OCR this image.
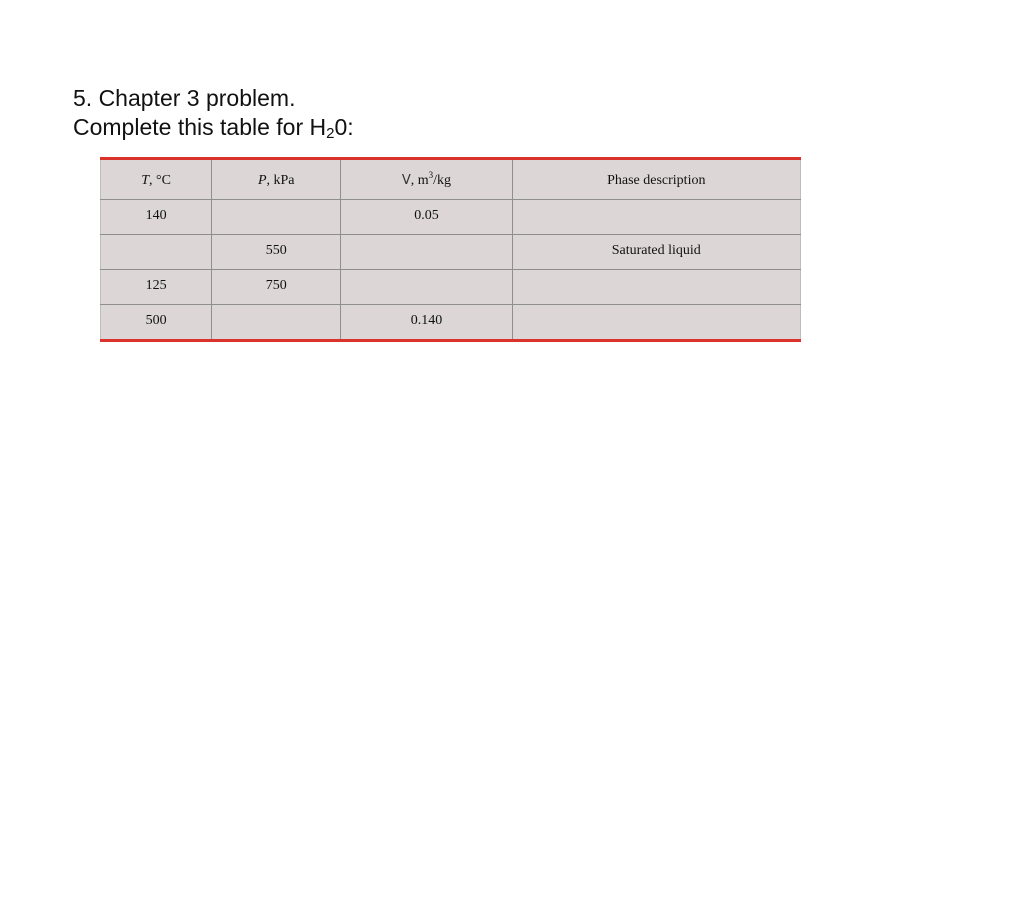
5. Chapter 3 problem.
Complete this table for $H_20$:
T, °C	P, kPa	V, $m^3/kg$	Phase description
140		0.05	
	550		Saturated liquid
125	750		
500		0.140	
